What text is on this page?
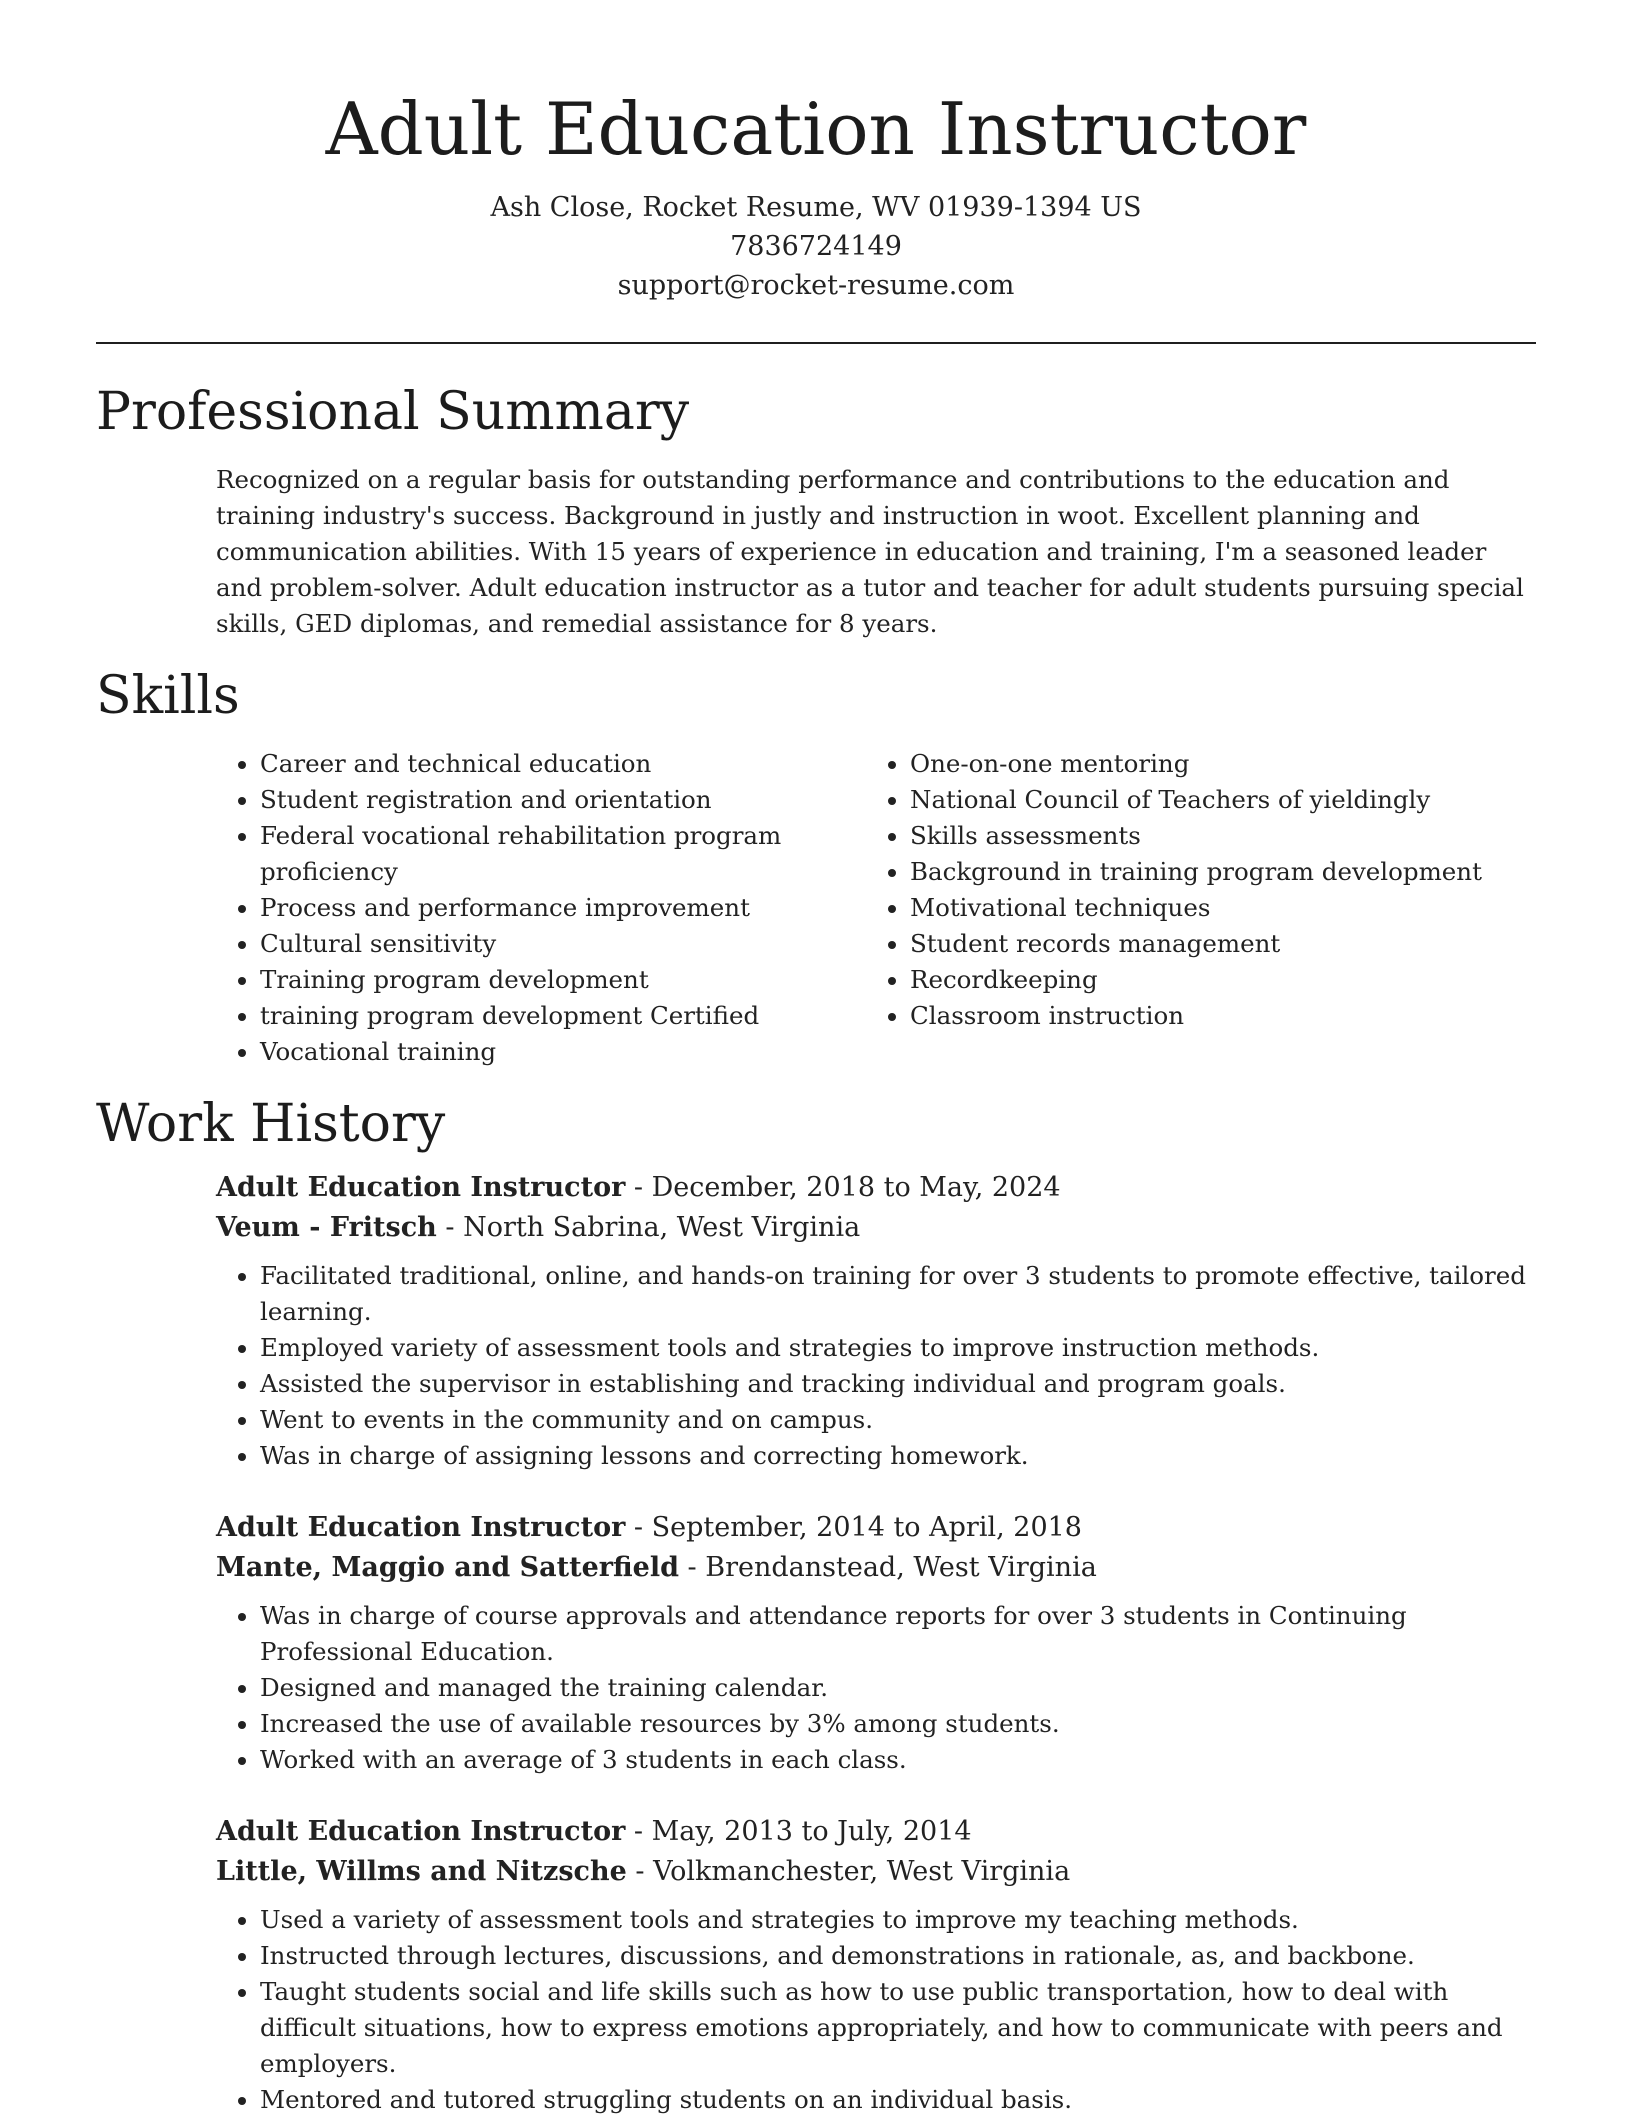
Adult Education Instructor
Ash Close, Rocket Resume, WV 01939-1394 US
7836724149
support@rocket-resume.com
Professional Summary

Recognized on a regular basis for outstanding performance and contributions to the education and training industry's success. Background in justly and instruction in woot. Excellent planning and communication abilities. With 15 years of experience in education and training, I'm a seasoned leader and problem-solver. Adult education instructor as a tutor and teacher for adult students pursuing special skills, GED diplomas, and remedial assistance for 8 years.

Skills
• Career and technical education
• Student registration and orientation
• Federal vocational rehabilitation program proficiency
• Process and performance improvement
• Cultural sensitivity
• Training program development
• training program development Certified
• Vocational training
• One-on-one mentoring
• National Council of Teachers of yieldingly
• Skills assessments
• Background in training program development
• Motivational techniques
• Student records management
• Recordkeeping
• Classroom instruction
Work History
Adult Education Instructor - December, 2018 to May, 2024
Veum - Fritsch - North Sabrina, West Virginia
• Facilitated traditional, online, and hands-on training for over 3 students to promote effective, tailored learning.
• Employed variety of assessment tools and strategies to improve instruction methods.
• Assisted the supervisor in establishing and tracking individual and program goals.
• Went to events in the community and on campus.
• Was in charge of assigning lessons and correcting homework.
Adult Education Instructor - September, 2014 to April, 2018
Mante, Maggio and Satterfield - Brendanstead, West Virginia
• Was in charge of course approvals and attendance reports for over 3 students in Continuing Professional Education.
• Designed and managed the training calendar.
• Increased the use of available resources by 3% among students.
• Worked with an average of 3 students in each class.
Adult Education Instructor - May, 2013 to July, 2014
Little, Willms and Nitzsche - Volkmanchester, West Virginia
• Used a variety of assessment tools and strategies to improve my teaching methods.
• Instructed through lectures, discussions, and demonstrations in rationale, as, and backbone.
• Taught students social and life skills such as how to use public transportation, how to deal with difficult situations, how to express emotions appropriately, and how to communicate with peers and employers.
• Mentored and tutored struggling students on an individual basis.
